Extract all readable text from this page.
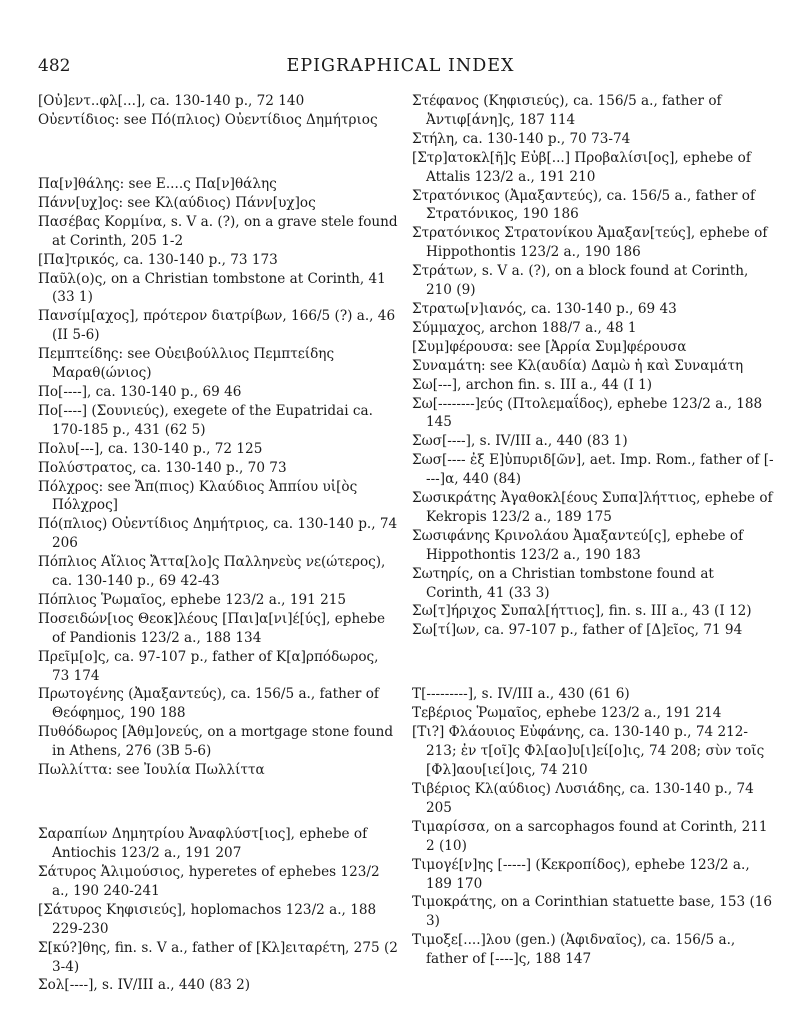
482	EPIGRAPHICAL INDEX

[Οὐ]εντ..φλ[...], ca. 130-140 p., 72 140

Οὐεντίδιος: see Πό(πλιος) Οὐεντίδιος Δημήτριος

Πα[ν]θάλης: see Ε....ς Πα[ν]θάλης

Πάνν[υχ]ος: see Κλ(αύδιος) Πάνν[υχ]ος

Πασέβας Κορμίνα, s. V a. (?), on a grave stele found at Corinth, 205 1-2

[Πα]τρικός, ca. 130-140 p., 73 173

Παῦλ(ο)ς, on a Christian tombstone at Corinth, 41 (33 1)

Πανσίμ[αχος], πρότερον διατρίβων, 166/5 (?) a., 46 (II 5-6)

Πεμπτείδης: see Οὐειβούλλιος Πεμπτείδης Μαραθ(ώνιος)

Πο[----], ca. 130-140 p., 69 46

Πο[----] (Σουνιεύς), exegete of the Eupatridai ca. 170-185 p., 431 (62 5)

Πολυ[---], ca. 130-140 p., 72 125

Πολύστρατος, ca. 130-140 p., 70 73

Πόλχρος: see Ἄπ(πιος) Κλαύδιος Ἀππίου υἱ[ὸς Πόλχρος]

Πό(πλιος) Οὐεντίδιος Δημήτριος, ca. 130-140 p., 74 206

Πόπλιος Αἴλιος Ἄττα[λο]ς Παλληνεὺς νε(ώτερος), ca. 130-140 p., 69 42-43

Πόπλιος Ῥωμαῖος, ephebe 123/2 a., 191 215

Ποσειδών[ιος Θεοκ]λέους [Παι]α[νι]έ[ύς], ephebe of Pandionis 123/2 a., 188 134

Πρεῖμ[ο]ς, ca. 97-107 p., father of Κ[α]ρπόδωρος, 73 174

Πρωτογένης (Ἀμαξαντεύς), ca. 156/5 a., father of Θεόφημος, 190 188

Πυθόδωρος [Ἀθμ]ονεύς, on a mortgage stone found in Athens, 276 (3B 5-6)

Πωλλίττα: see Ἰουλία Πωλλίττα

Σαραπίων Δημητρίου Ἀναφλύστ[ιος], ephebe of Antiochis 123/2 a., 191 207

Σάτυρος Ἁλιμούσιος, hyperetes of ephebes 123/2 a., 190 240-241

[Σάτυρος Κηφισιεύς], hoplomachos 123/2 a., 188 229-230

Σ[κύ?]θης, fin. s. V a., father of [Κλ]ειταρέτη, 275 (2 3-4)

Σολ[----], s. IV/III a., 440 (83 2)

Στέφανος (Κηφισιεύς), ca. 156/5 a., father of Ἀντιφ[άνη]ς, 187 114

Στήλη, ca. 130-140 p., 70 73-74

[Στρ]ατοκλ[ῆ]ς Εὐβ[...] Προβαλίσι[ος], ephebe of Attalis 123/2 a., 191 210

Στρατόνικος (Ἀμαξαντεύς), ca. 156/5 a., father of Στρατόνικος, 190 186

Στρατόνικος Στρατονίκου Ἀμαξαν[τεύς], ephebe of Hippothontis 123/2 a., 190 186

Στράτων, s. V a. (?), on a block found at Corinth, 210 (9)

Στρατω[ν]ιανός, ca. 130-140 p., 69 43

Σύμμαχος, archon 188/7 a., 48 1

[Συμ]φέρουσα: see [Ἀρρία Συμ]φέρουσα

Συναμάτη: see Κλ(αυδία) Δαμὼ ἡ καὶ Συναμάτη

Σω[---], archon fin. s. III a., 44 (I 1)

Σω[--------]εύς (Πτολεμαΐδος), ephebe 123/2 a., 188 145

Σωσ[----], s. IV/III a., 440 (83 1)

Σωσ[---- ἐξ Ε]ὐπυριδ[ῶν], aet. Imp. Rom., father of [----]α, 440 (84)

Σωσικράτης Ἀγαθοκλ[έους Συπα]λήττιος, ephebe of Kekropis 123/2 a., 189 175

Σωσιφάνης Κρινολάου Ἀμαξαντεύ[ς], ephebe of Hippothontis 123/2 a., 190 183

Σωτηρίς, on a Christian tombstone found at Corinth, 41 (33 3)

Σω[τ]ήριχος Συπαλ[ήττιος], fin. s. III a., 43 (I 12)

Σω[τί]ων, ca. 97-107 p., father of [Δ]εῖος, 71 94

Τ[---------], s. IV/III a., 430 (61 6)

Τεβέριος Ῥωμαῖος, ephebe 123/2 a., 191 214

[Τι?] Φλάουιος Εὐφάνης, ca. 130-140 p., 74 212-213; ἐν τ[οῖ]ς Φλ[αο]υ[ι]εί[ο]ις, 74 208; σὺν τοῖς [Φλ]αου[ιεί]οις, 74 210

Τιβέριος Κλ(αύδιος) Λυσιάδης, ca. 130-140 p., 74 205

Τιμαρίσσα, on a sarcophagos found at Corinth, 211 2 (10)

Τιμογέ[ν]ης [-----] (Κεκροπίδος), ephebe 123/2 a., 189 170

Τιμοκράτης, on a Corinthian statuette base, 153 (16 3)

Τιμοξε[....]λου (gen.) (Ἀφιδναῖος), ca. 156/5 a., father of [----]ς, 188 147
